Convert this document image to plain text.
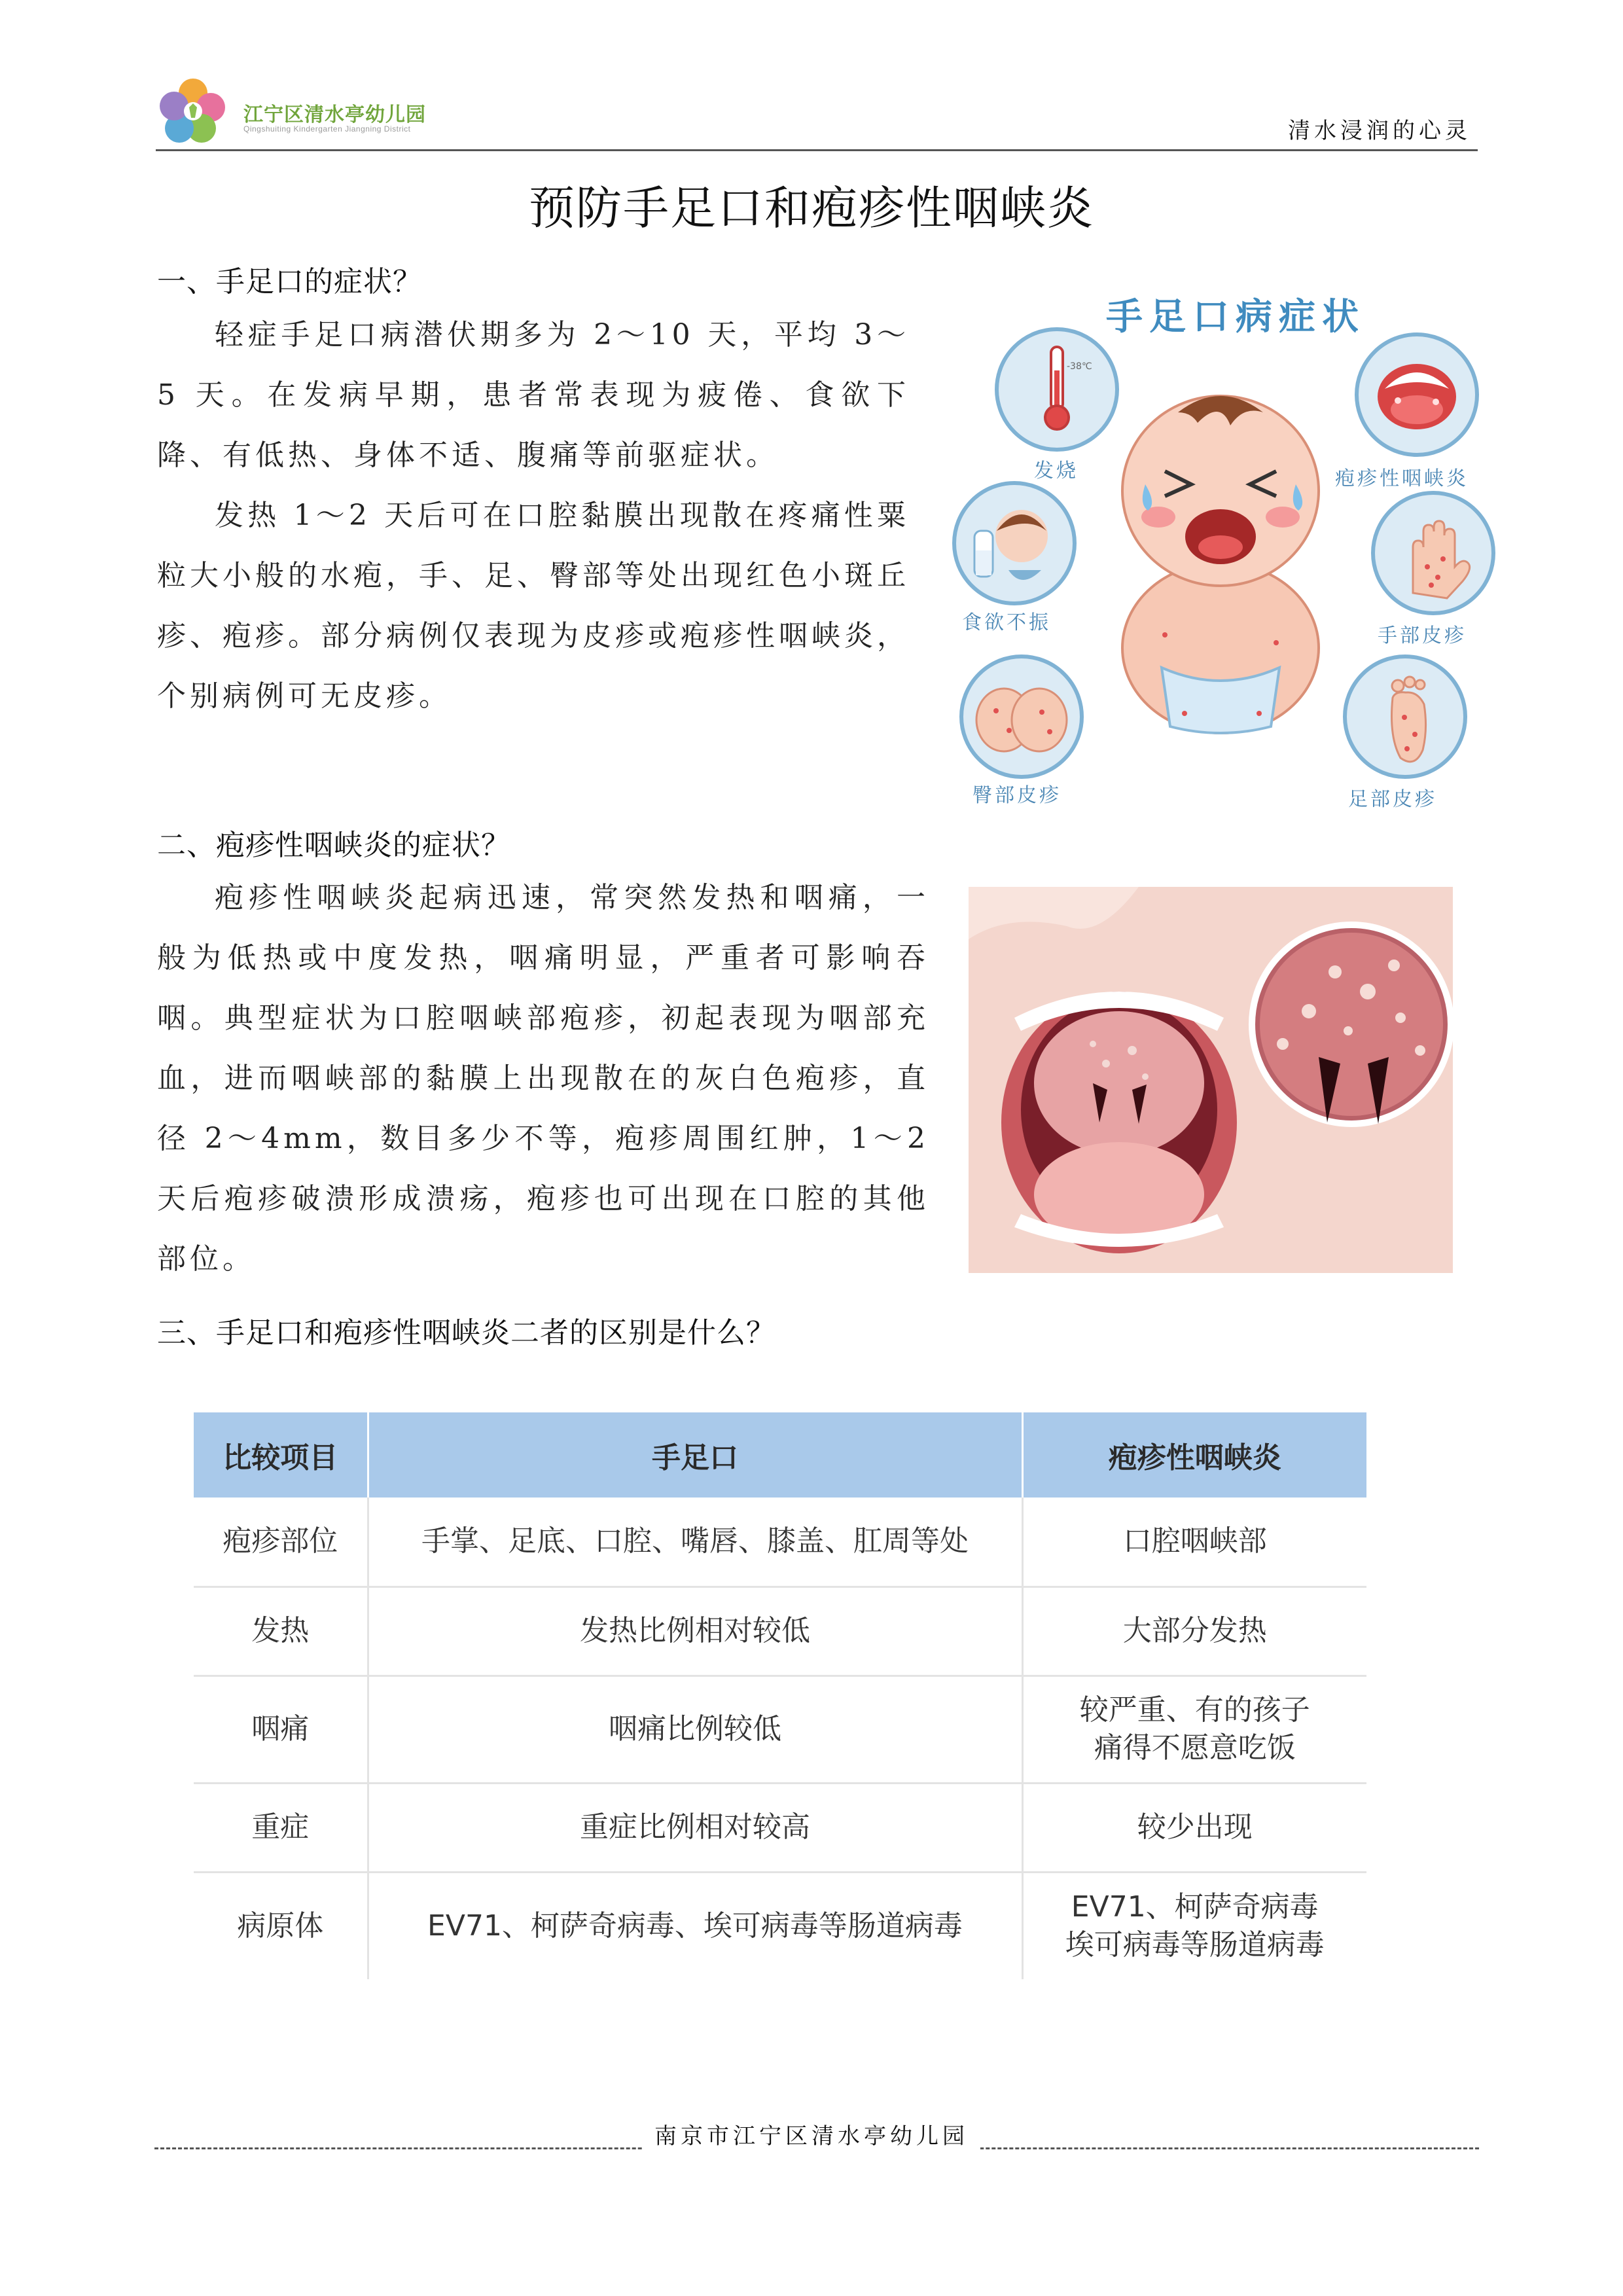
江宁区清水亭幼儿园
Qingshuiting Kindergarten Jiangning District	清水浸润的心灵
预防手足口和疱疹性咽峡炎
一、手足口的症状？

轻症手足口病潜伏期多为 2～10 天，平均 3～5 天。在发病早期，患者常表现为疲倦、食欲下降、有低热、身体不适、腹痛等前驱症状。

发热 1～2 天后可在口腔黏膜出现散在疼痛性粟粒大小般的水疱，手、足、臀部等处出现红色小斑丘疹、疱疹。部分病例仅表现为皮疹或疱疹性咽峡炎，个别病例可无皮疹。

手足口病症状
-38℃
发烧	疱疹性咽峡炎
食欲不振
手部皮疹
臀部皮疹	足部皮疹
二、疱疹性咽峡炎的症状？

疱疹性咽峡炎起病迅速，常突然发热和咽痛，一般为低热或中度发热，咽痛明显，严重者可影响吞咽。典型症状为口腔咽峡部疱疹，初起表现为咽部充血，进而咽峡部的黏膜上出现散在的灰白色疱疹，直径 2～4mm，数目多少不等，疱疹周围红肿，1～2 天后疱疹破溃形成溃疡，疱疹也可出现在口腔的其他部位。

三、手足口和疱疹性咽峡炎二者的区别是什么？
比较项目	手足口	疱疹性咽峡炎
疱疹部位	手掌、足底、口腔、嘴唇、膝盖、肛周等处	口腔咽峡部
发热	发热比例相对较低	大部分发热
咽痛	咽痛比例较低	较严重、有的孩子
痛得不愿意吃饭
重症	重症比例相对较高	较少出现
病原体	EV71、柯萨奇病毒、埃可病毒等肠道病毒	EV71、柯萨奇病毒
埃可病毒等肠道病毒
南京市江宁区清水亭幼儿园
